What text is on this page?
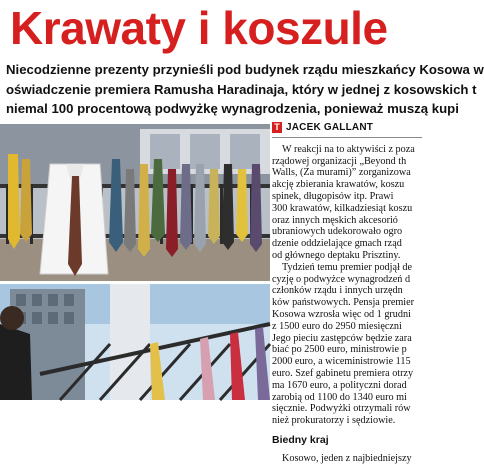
Krawaty i koszule
Niecodzienne prezenty przynieśli pod budynek rządu mieszkańcy Kosowa w
oświadczenie premiera Ramusha Haradinaja, który w jednej z kosowskich t
niemal 100 procentową podwyżkę wynagrodzenia, ponieważ muszą kupi
T JACEK GALLANT
W reakcji na to aktywiści z poza
rządowej organizacji „Beyond th
Walls, (Za murami)” zorganizowa
akcję zbierania krawatów, koszu
spinek, długopisów itp. Prawi
300 krawatów, kilkadziesiąt koszu
oraz innych męskich akcesorió
ubraniowych udekorowało ogro
dzenie oddzielające gmach rząd
od głównego deptaku Prisztiny.
Tydzień temu premier podjął de
cyzję o podwyżce wynagrodzeń d
członków rządu i innych urzędn
ków państwowych. Pensja premier
Kosowa wzrosła więc od 1 grudni
z 1500 euro do 2950 miesięczni
Jego pieciu zastępców będzie zara
biać po 2500 euro, ministrowie p
2000 euro, a wiceministrowie 115
euro. Szef gabinetu premiera otrzy
ma 1670 euro, a polityczni dorad
zarobią od 1100 do 1340 euro mi
sięcznie. Podwyżki otrzymali rów
nież prokuratorzy i sędziowie.
Biedny kraj
Kosowo, jeden z najbiedniejszy
